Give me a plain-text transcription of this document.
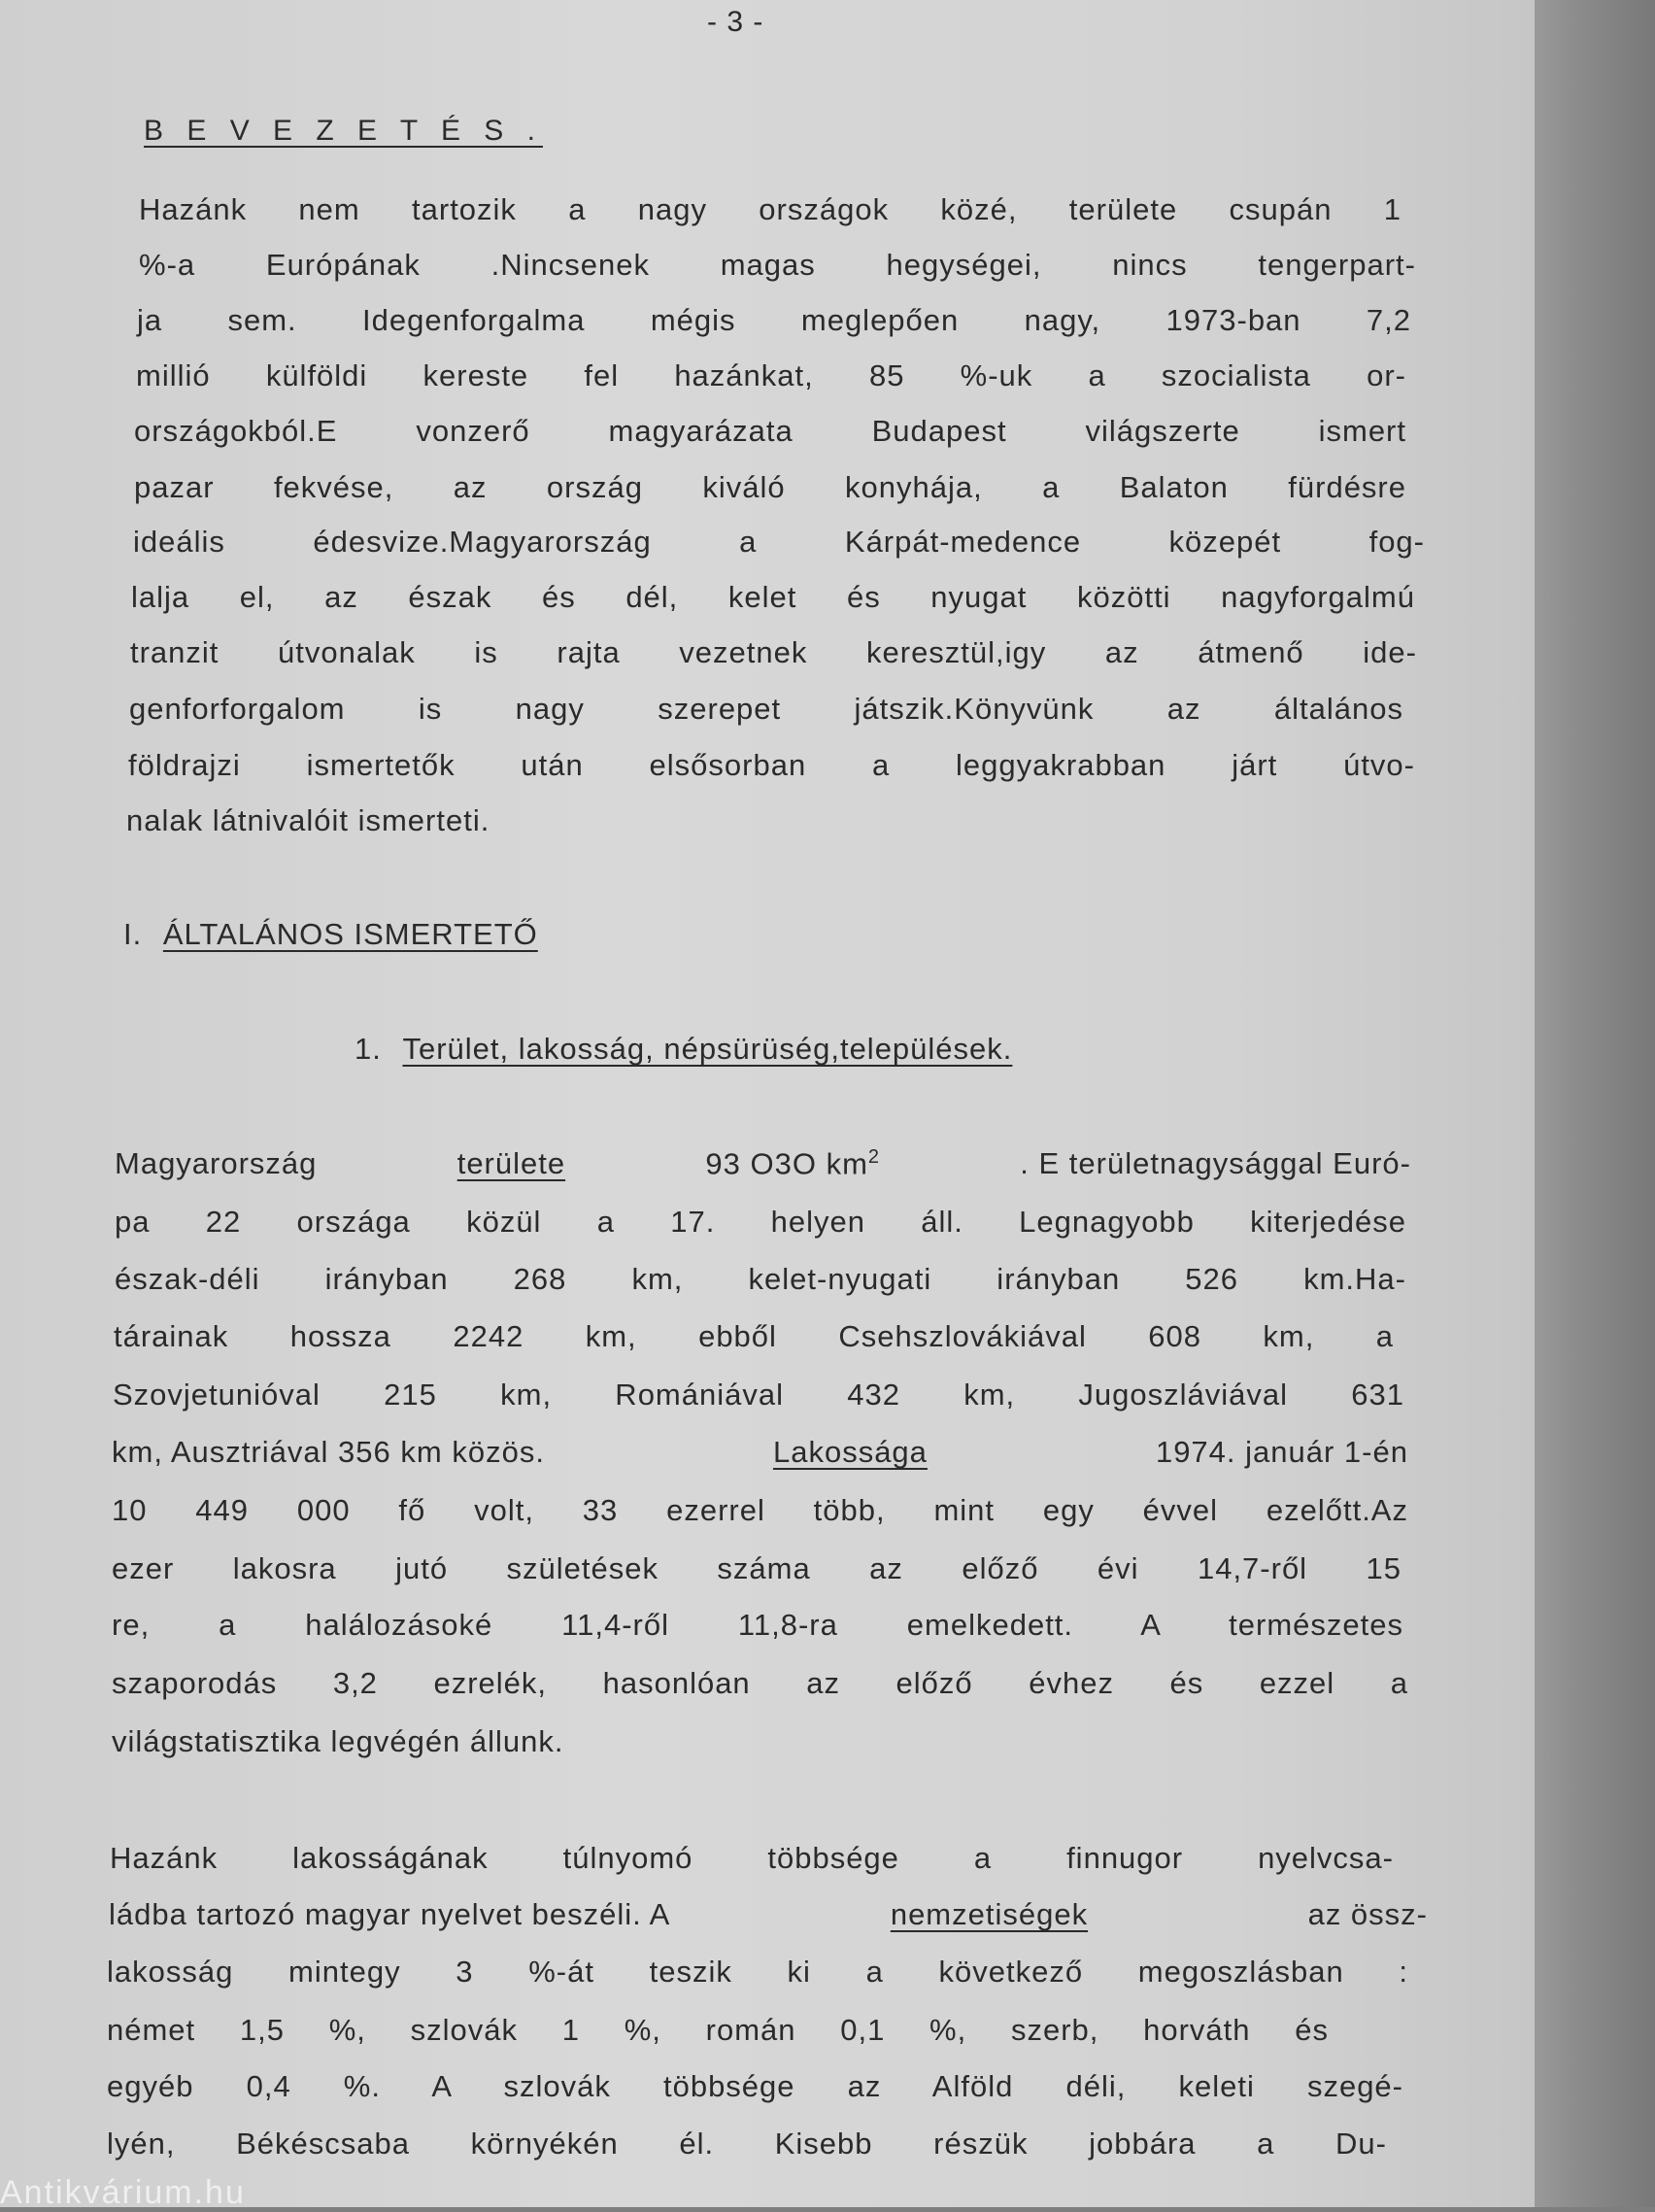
- 3 -
B E V E Z E T É S .
Hazánk nem tartozik a nagy országok közé, területe csupán 1
%-a Európának .Nincsenek magas hegységei, nincs tengerpart-
ja sem. Idegenforgalma mégis meglepően nagy, 1973-ban 7,2
millió külföldi kereste fel hazánkat, 85 %-uk a szocialista or-
országokból.E vonzerő magyarázata Budapest világszerte ismert
pazar fekvése, az ország kiváló konyhája, a Balaton fürdésre
ideális édesvize.Magyarország a Kárpát-medence közepét fog-
lalja el, az észak és dél, kelet és nyugat közötti nagyforgalmú
tranzit útvonalak is rajta vezetnek keresztül,igy az átmenő ide-
genforforgalom is nagy szerepet játszik.Könyvünk az általános
földrajzi ismertetők után elsősorban a leggyakrabban járt útvo-
nalak látnivalóit ismerteti.
I. ÁLTALÁNOS ISMERTETŐ
1. Terület, lakosság, népsürüség,települések.
Magyarország	területe	93 O3O $km^2$	. E területnagysággal Euró-
pa 22 országa közül a 17. helyen áll. Legnagyobb kiterjedése
észak-déli irányban 268 km, kelet-nyugati irányban 526 km.Ha-
tárainak hossza 2242 km, ebből Csehszlovákiával 608 km, a
Szovjetunióval 215 km, Romániával 432 km, Jugoszláviával 631
km, Ausztriával 356 km közös.	Lakossága	1974. január 1-én
10 449 000 fő volt, 33 ezerrel több, mint egy évvel ezelőtt.Az
ezer lakosra jutó születések száma az előző évi 14,7-ről 15
re, a halálozásoké 11,4-ről 11,8-ra emelkedett. A természetes
szaporodás 3,2 ezrelék, hasonlóan az előző évhez és ezzel a
világstatisztika legvégén állunk.
Hazánk lakosságának túlnyomó többsége a finnugor nyelvcsa-
ládba tartozó magyar nyelvet beszéli. A	nemzetiségek	az össz-
lakosság mintegy 3 %-át teszik ki a következő megoszlásban :
német 1,5 %, szlovák 1 %, román 0,1 %, szerb, horváth és
egyéb 0,4 %. A szlovák többsége az Alföld déli, keleti szegé-
lyén, Békéscsaba környékén él. Kisebb részük jobbára a Du-
Antikvárium.hu
